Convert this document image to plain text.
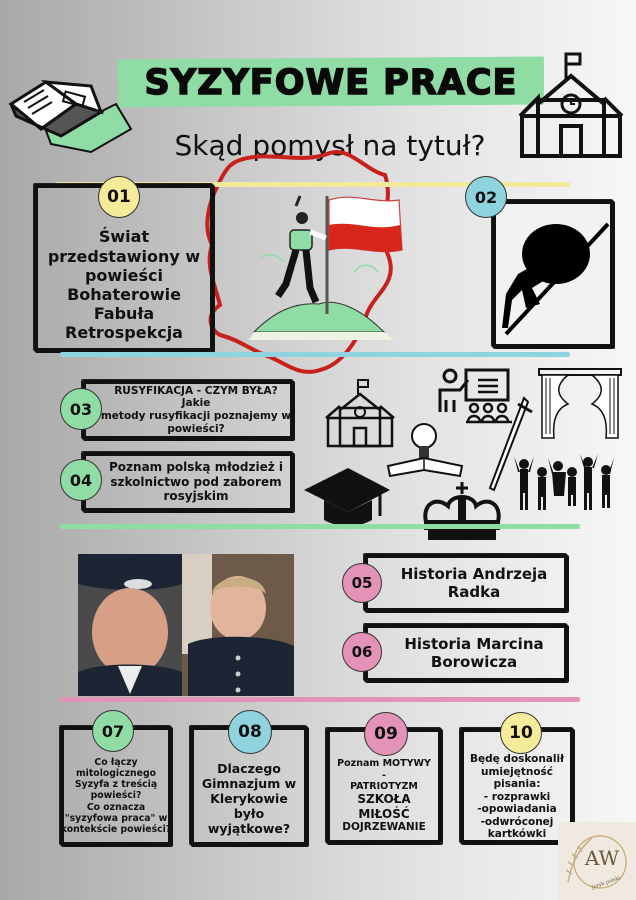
SYZYFOWE PRACE
Skąd pomysł na tytuł?
01
Świat
przedstawiony w
powieści
Bohaterowie
Fabuła
Retrospekcja
02
03
RUSYFIKACJA - CZYM BYŁA? Jakie
metody rusyfikacji poznajemy w
powieści?
04
Poznam polską młodzież i
szkolnictwo pod zaborem
rosyjskim
05	Historia Andrzeja
Radka
06	Historia Marcina
Borowicza
07
Co łączy
mitologicznego
Syzyfa z treścią
powieści?
Co oznacza
"syzyfowa praca" w
kontekście powieści?
08
Dlaczego
Gimnazjum w
Klerykowie
było
wyjątkowe?
09
Poznam MOTYWY
-
PATRIOTYZM
SZKOŁA
MIŁOŚĆ
DOJRZEWANIE
10
Będę doskonalił
umiejętność
pisania:
- rozprawki
-opowiadania
-odwróconej
kartkówki
AW
Język polski
